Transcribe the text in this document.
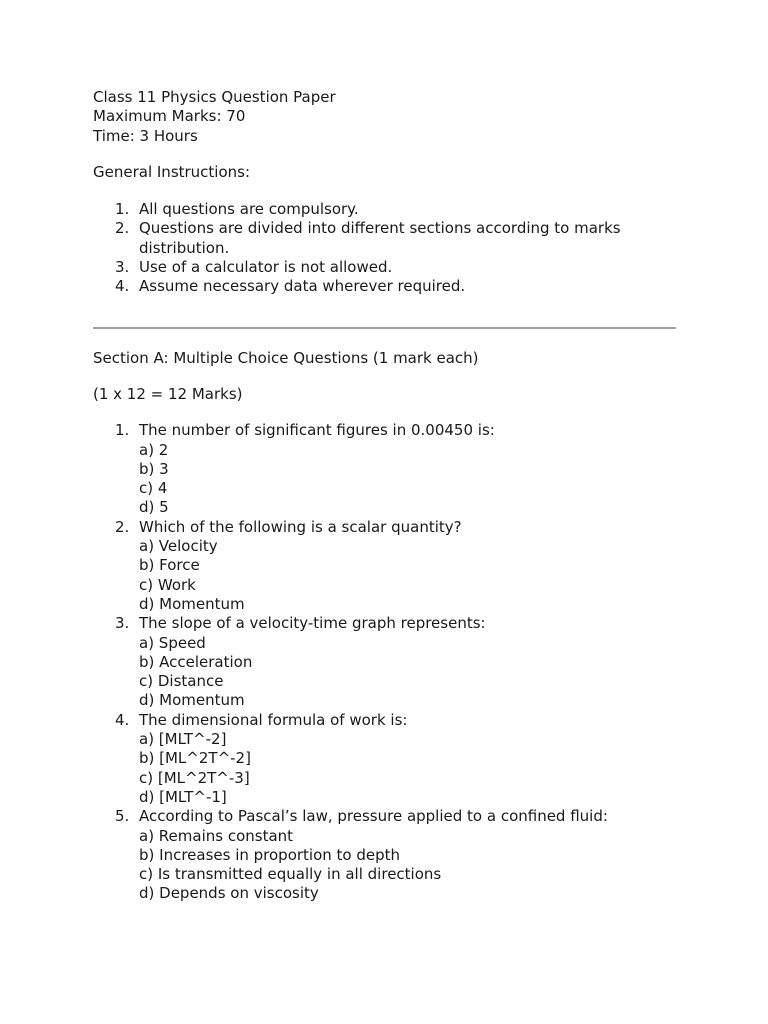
Class 11 Physics Question Paper
Maximum Marks: 70
Time: 3 Hours
General Instructions:
1. All questions are compulsory.
2. Questions are divided into different sections according to marks distribution.
3. Use of a calculator is not allowed.
4. Assume necessary data wherever required.
Section A: Multiple Choice Questions (1 mark each)
(1 x 12 = 12 Marks)
1. The number of significant figures in 0.00450 is:
a) 2
b) 3
c) 4
d) 5
2. Which of the following is a scalar quantity?
a) Velocity
b) Force
c) Work
d) Momentum
3. The slope of a velocity-time graph represents:
a) Speed
b) Acceleration
c) Distance
d) Momentum
4. The dimensional formula of work is:
a) [MLT^-2]
b) [ML^2T^-2]
c) [ML^2T^-3]
d) [MLT^-1]
5. According to Pascal’s law, pressure applied to a confined fluid:
a) Remains constant
b) Increases in proportion to depth
c) Is transmitted equally in all directions
d) Depends on viscosity
